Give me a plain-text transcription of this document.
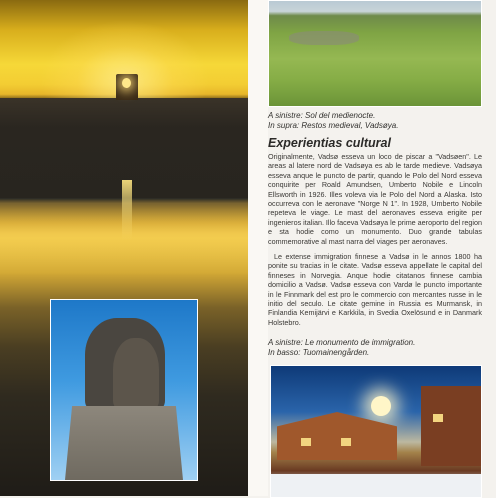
A sinistre: Sol del medienocte.
In supra: Restos medieval, Vadsøya.
Experientias cultural
Originalmente, Vadsø esseva un loco de piscar a "Vadsøen". Le areas al latere nord de Vadsøya es ab le tarde medieve. Vadsøya esseva anque le puncto de partir, quando le Polo del Nord esseva conquirite per Roald Amundsen, Umberto Nobile e Lincoln Ellsworth in 1926. Illes voleva via le Polo del Nord a Alaska. Isto occurreva con le aeronave "Norge N 1". In 1928, Umberto Nobile repeteva le viage. Le mast del aeronaves esseva erigite per ingenieros italian. Illo faceva Vadsøya le prime aeroporto del region e sta hodie como un monumento. Duo grande tabulas commemorative al mast narra del viages per aeronaves.
Le extense immigration finnese a Vadsø in le annos 1800 ha ponite su tracias in le citate. Vadsø esseva appellate le capital del finneses in Norvegia. Anque hodie citatanos finnese cambia domicilio a Vadsø. Vadsø esseva con Vardø le puncto importante in le Finnmark del est pro le commercio con mercantes russe in le initio del seculo. Le citate gemine in Russia es Murmansk, in Finlandia Kemijärvi e Karkkila, in Svedia Oxelösund e in Danmark Holstebro.
A sinistre: Le monumento de immigration.
In basso: Tuomainengården.
